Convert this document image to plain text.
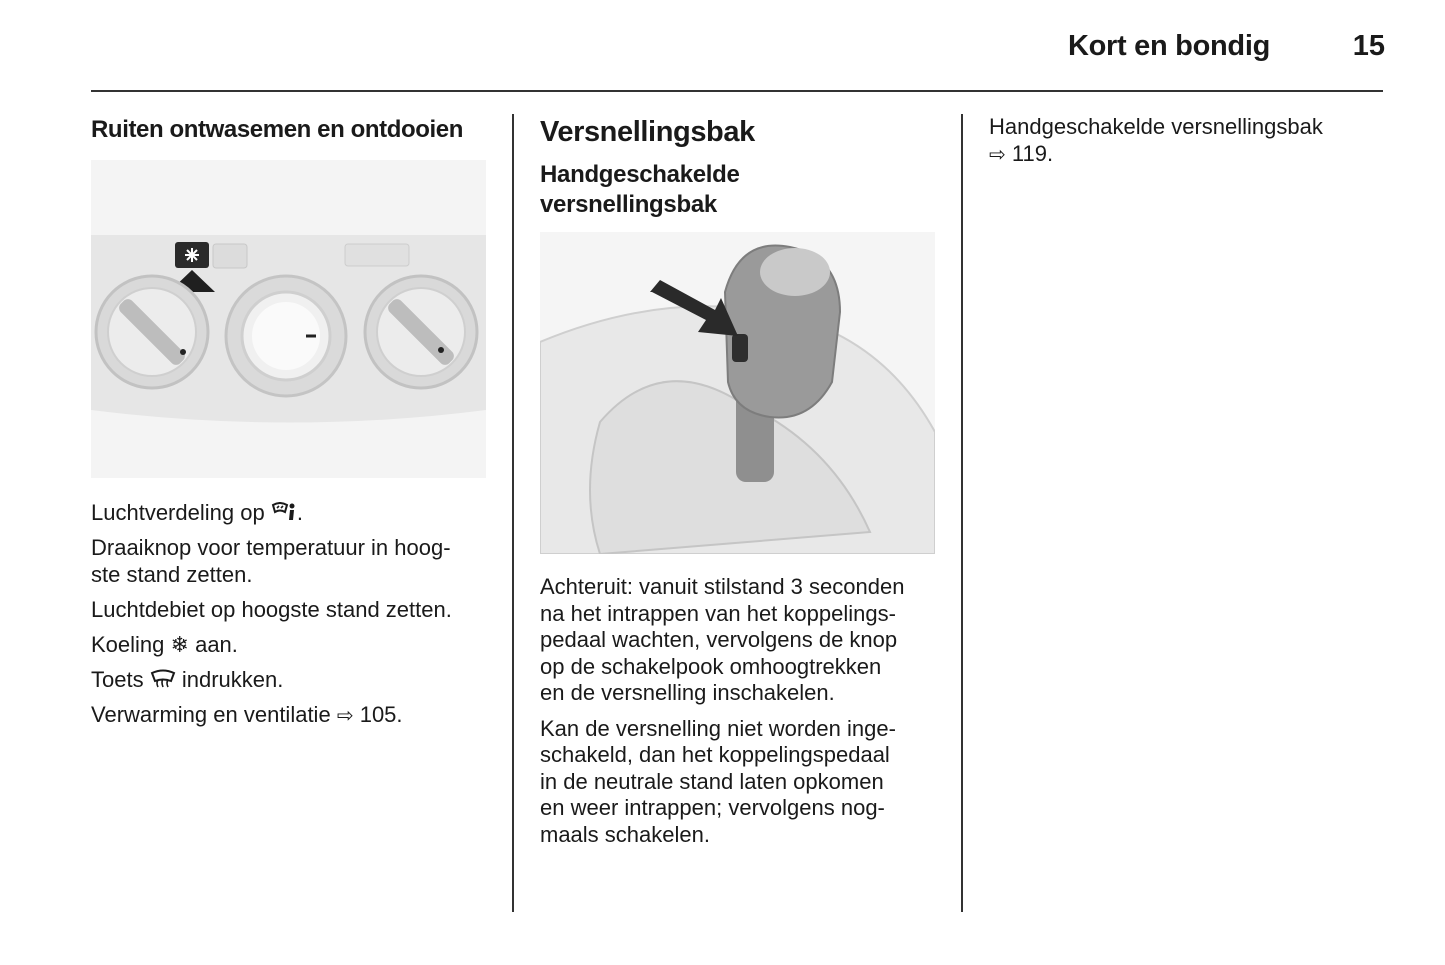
Kort en bondig	15
Ruiten ontwasemen en ontdooien

Luchtverdeling op .

Draaiknop voor temperatuur in hoog-
ste stand zetten.

Luchtdebiet op hoogste stand zetten.

Koeling ❄ aan.

Toets indrukken.

Verwarming en ventilatie ⇨ 105.

Versnellingsbak
Handgeschakelde
versnellingsbak

Achteruit: vanuit stilstand 3 seconden
na het intrappen van het koppelings-
pedaal wachten, vervolgens de knop
op de schakelpook omhoogtrekken
en de versnelling inschakelen.

Kan de versnelling niet worden inge-
schakeld, dan het koppelingspedaal
in de neutrale stand laten opkomen
en weer intrappen; vervolgens nog-
maals schakelen.

Handgeschakelde versnellingsbak

⇨ 119.
